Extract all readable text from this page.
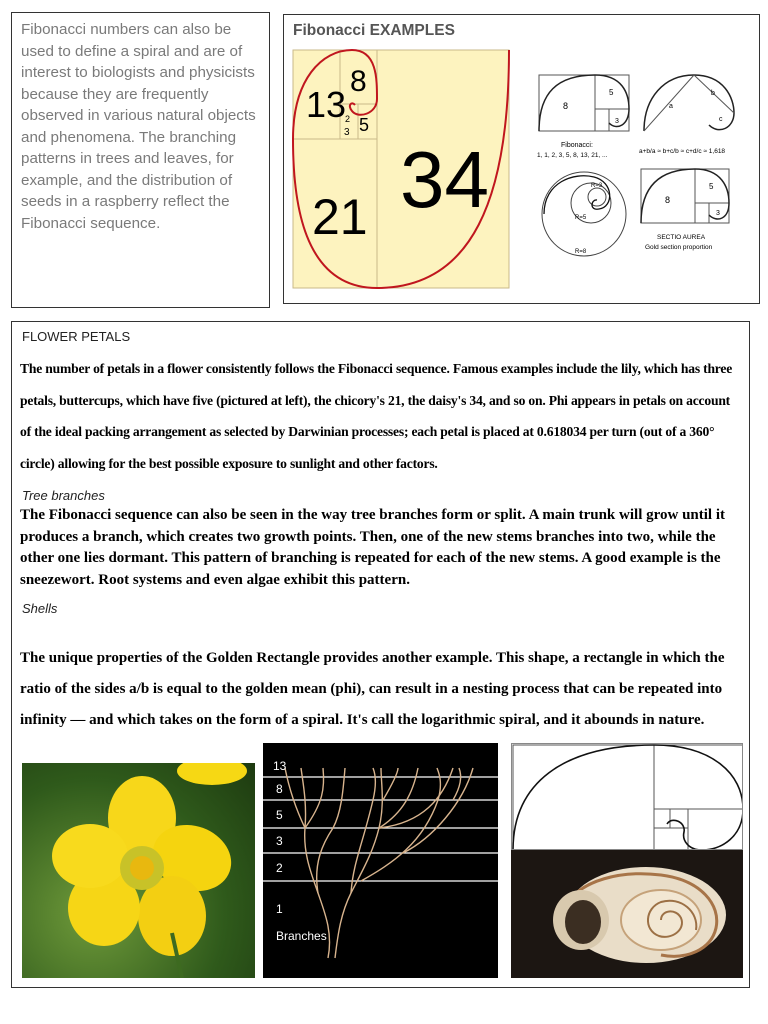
Fibonacci numbers can also be used to define a spiral and are of interest to biologists and physicists because they are frequently observed in various natural objects and phenomena. The branching patterns in trees and leaves, for example, and the distribution of seeds in a raspberry reflect the Fibonacci sequence.

Fibonacci EXAMPLES
13
8
34
21
5
2
3
8
5
3
Fibonacci:
1, 1, 2, 3, 5, 8, 13, 21, ...
a
b
c
a+b/a ≈ b+c/b ≈ c+d/c ≈ 1,618
R=3
R=5
R=8
8
5
3
SECTIO AUREA
Gold section proportion
FLOWER PETALS

The number of petals in a flower consistently follows the Fibonacci sequence. Famous examples include the lily, which has three petals, buttercups, which have five (pictured at left), the chicory's 21, the daisy's 34, and so on. Phi appears in petals on account of the ideal packing arrangement as selected by Darwinian processes; each petal is placed at 0.618034 per turn (out of a 360° circle) allowing for the best possible exposure to sunlight and other factors.

Tree branches

The Fibonacci sequence can also be seen in the way tree branches form or split. A main trunk will grow until it produces a branch, which creates two growth points. Then, one of the new stems branches into two, while the other one lies dormant. This pattern of branching is repeated for each of the new stems. A good example is the sneezewort. Root systems and even algae exhibit this pattern.

Shells

The unique properties of the Golden Rectangle provides another example. This shape, a rectangle in which the ratio of the sides a/b is equal to the golden mean (phi), can result in a nesting process that can be repeated into infinity — and which takes on the form of a spiral. It's call the logarithmic spiral, and it abounds in nature.

13
8
5
3
2
1
Branches
